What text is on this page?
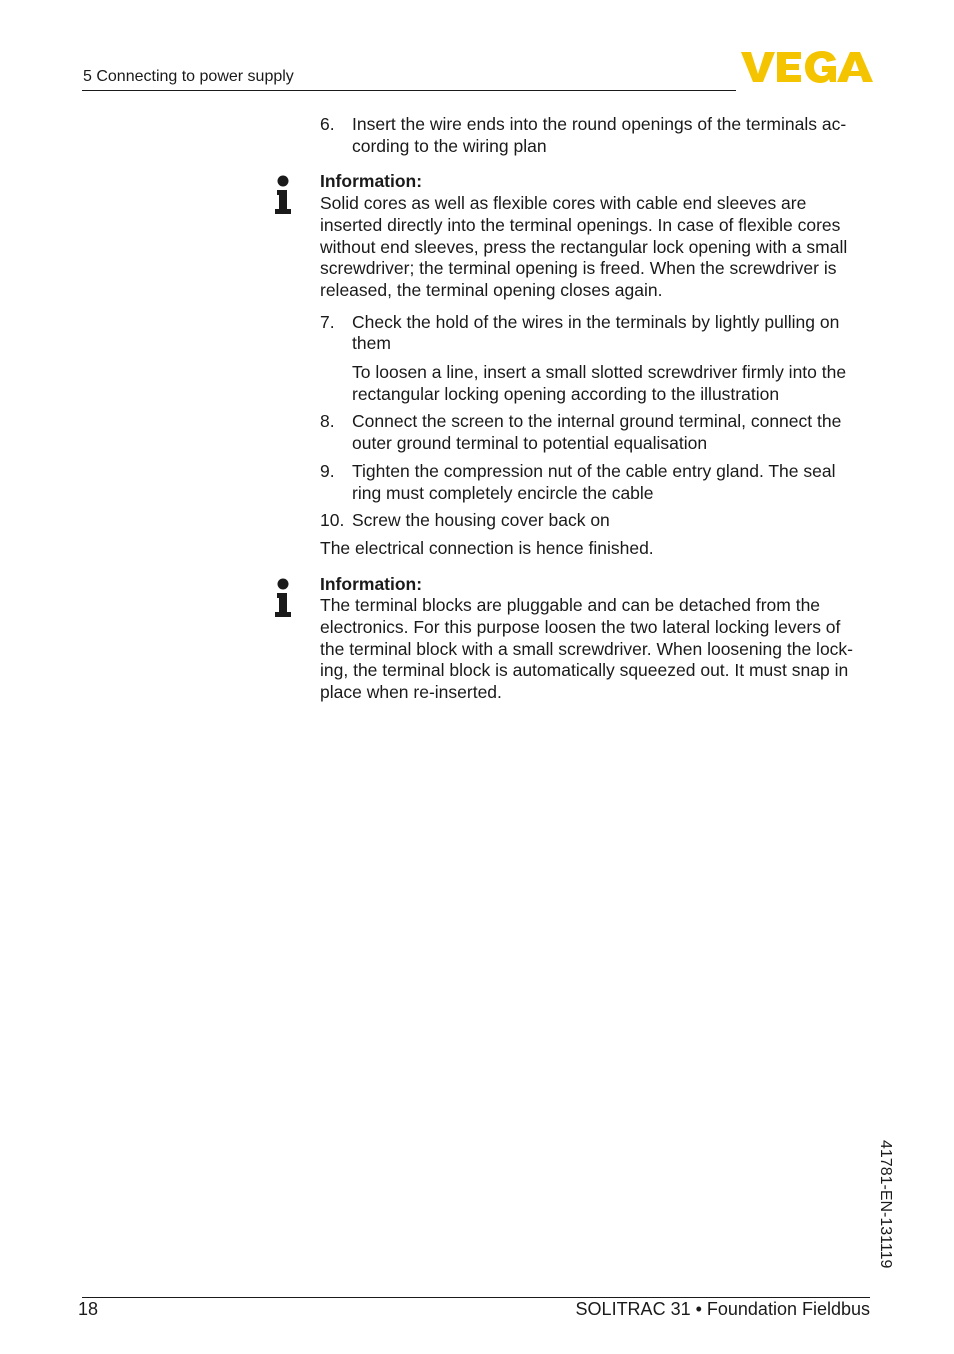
5 Connecting to power supply
6. Insert the wire ends into the round openings of the terminals ac-cording to the wiring plan
Information:
Solid cores as well as flexible cores with cable end sleeves are inserted directly into the terminal openings. In case of flexible cores without end sleeves, press the rectangular lock opening with a small screwdriver; the terminal opening is freed. When the screwdriver is released, the terminal opening closes again.
7. Check the hold of the wires in the terminals by lightly pulling on them
To loosen a line, insert a small slotted screwdriver firmly into the rectangular locking opening according to the illustration
8. Connect the screen to the internal ground terminal, connect the outer ground terminal to potential equalisation
9. Tighten the compression nut of the cable entry gland. The seal ring must completely encircle the cable
10. Screw the housing cover back on

The electrical connection is hence finished.

Information:
The terminal blocks are pluggable and can be detached from the electronics. For this purpose loosen the two lateral locking levers of the terminal block with a small screwdriver. When loosening the lock-ing, the terminal block is automatically squeezed out. It must snap in place when re-inserted.
41781-EN-131119
18	SOLITRAC 31 • Foundation Fieldbus
